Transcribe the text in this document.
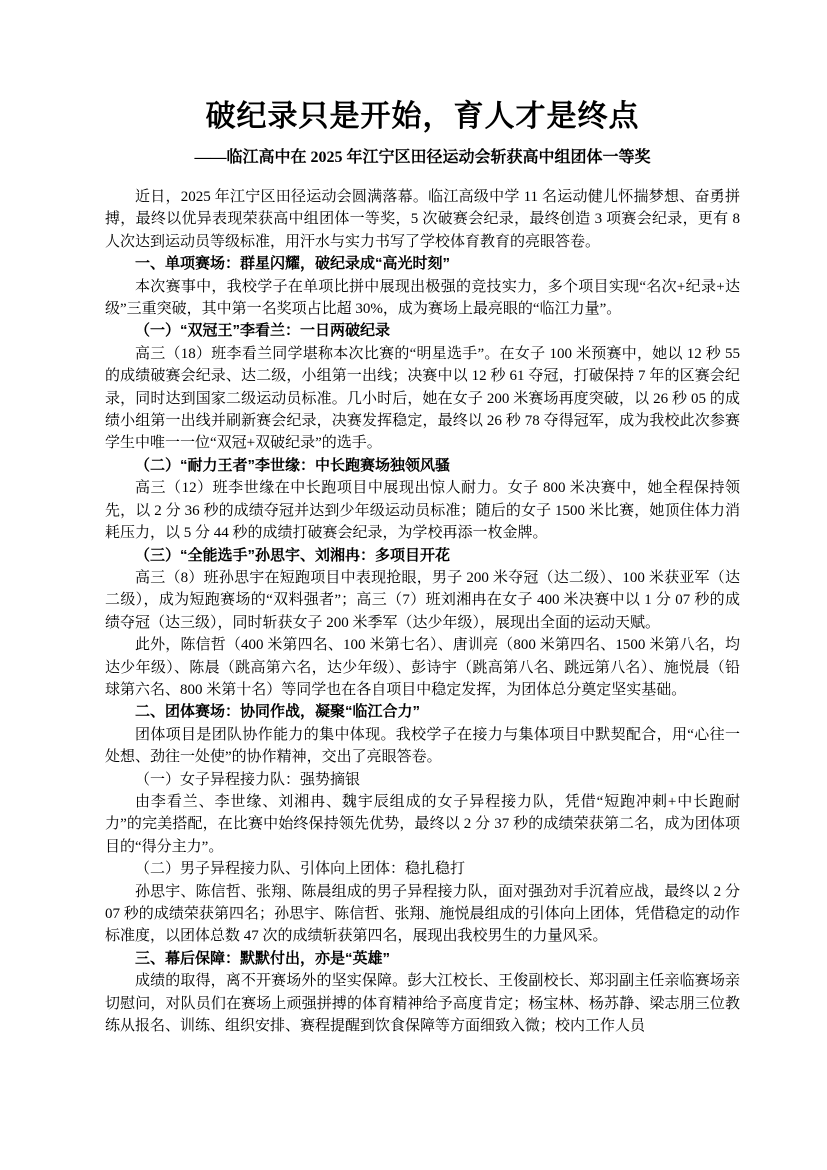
破纪录只是开始，育人才是终点
——临江高中在 2025 年江宁区田径运动会斩获高中组团体一等奖

近日，2025 年江宁区田径运动会圆满落幕。临江高级中学 11 名运动健儿怀揣梦想、奋勇拼搏，最终以优异表现荣获高中组团体一等奖，5 次破赛会纪录，最终创造 3 项赛会纪录，更有 8 人次达到运动员等级标准，用汗水与实力书写了学校体育教育的亮眼答卷。

一、单项赛场：群星闪耀，破纪录成“高光时刻”

本次赛事中，我校学子在单项比拼中展现出极强的竞技实力，多个项目实现“名次+纪录+达级”三重突破，其中第一名奖项占比超 30%，成为赛场上最亮眼的“临江力量”。

（一）“双冠王”李看兰：一日两破纪录

高三（18）班李看兰同学堪称本次比赛的“明星选手”。在女子 100 米预赛中，她以 12 秒 55 的成绩破赛会纪录、达二级，小组第一出线；决赛中以 12 秒 61 夺冠，打破保持 7 年的区赛会纪录，同时达到国家二级运动员标准。几小时后，她在女子 200 米赛场再度突破，以 26 秒 05 的成绩小组第一出线并刷新赛会纪录，决赛发挥稳定，最终以 26 秒 78 夺得冠军，成为我校此次参赛学生中唯一一位“双冠+双破纪录”的选手。

（二）“耐力王者”李世缘：中长跑赛场独领风骚

高三（12）班李世缘在中长跑项目中展现出惊人耐力。女子 800 米决赛中，她全程保持领先，以 2 分 36 秒的成绩夺冠并达到少年级运动员标准；随后的女子 1500 米比赛，她顶住体力消耗压力，以 5 分 44 秒的成绩打破赛会纪录，为学校再添一枚金牌。

（三）“全能选手”孙思宇、刘湘冉：多项目开花

高三（8）班孙思宇在短跑项目中表现抢眼，男子 200 米夺冠（达二级）、100 米获亚军（达二级），成为短跑赛场的“双料强者”；高三（7）班刘湘冉在女子 400 米决赛中以 1 分 07 秒的成绩夺冠（达三级），同时斩获女子 200 米季军（达少年级），展现出全面的运动天赋。

此外，陈信哲（400 米第四名、100 米第七名）、唐训亮（800 米第四名、1500 米第八名，均达少年级）、陈晨（跳高第六名，达少年级）、彭诗宇（跳高第八名、跳远第八名）、施悦晨（铅球第六名、800 米第十名）等同学也在各自项目中稳定发挥，为团体总分奠定坚实基础。

二、团体赛场：协同作战，凝聚“临江合力”

团体项目是团队协作能力的集中体现。我校学子在接力与集体项目中默契配合，用“心往一处想、劲往一处使”的协作精神，交出了亮眼答卷。

（一）女子异程接力队：强势摘银

由李看兰、李世缘、刘湘冉、魏宇辰组成的女子异程接力队，凭借“短跑冲刺+中长跑耐力”的完美搭配，在比赛中始终保持领先优势，最终以 2 分 37 秒的成绩荣获第二名，成为团体项目的“得分主力”。

（二）男子异程接力队、引体向上团体：稳扎稳打

孙思宇、陈信哲、张翔、陈晨组成的男子异程接力队，面对强劲对手沉着应战，最终以 2 分 07 秒的成绩荣获第四名；孙思宇、陈信哲、张翔、施悦晨组成的引体向上团体，凭借稳定的动作标准度，以团体总数 47 次的成绩斩获第四名，展现出我校男生的力量风采。

三、幕后保障：默默付出，亦是“英雄”

成绩的取得，离不开赛场外的坚实保障。彭大江校长、王俊副校长、郑羽副主任亲临赛场亲切慰问，对队员们在赛场上顽强拼搏的体育精神给予高度肯定；杨宝林、杨苏静、梁志朋三位教练从报名、训练、组织安排、赛程提醒到饮食保障等方面细致入微；校内工作人员
